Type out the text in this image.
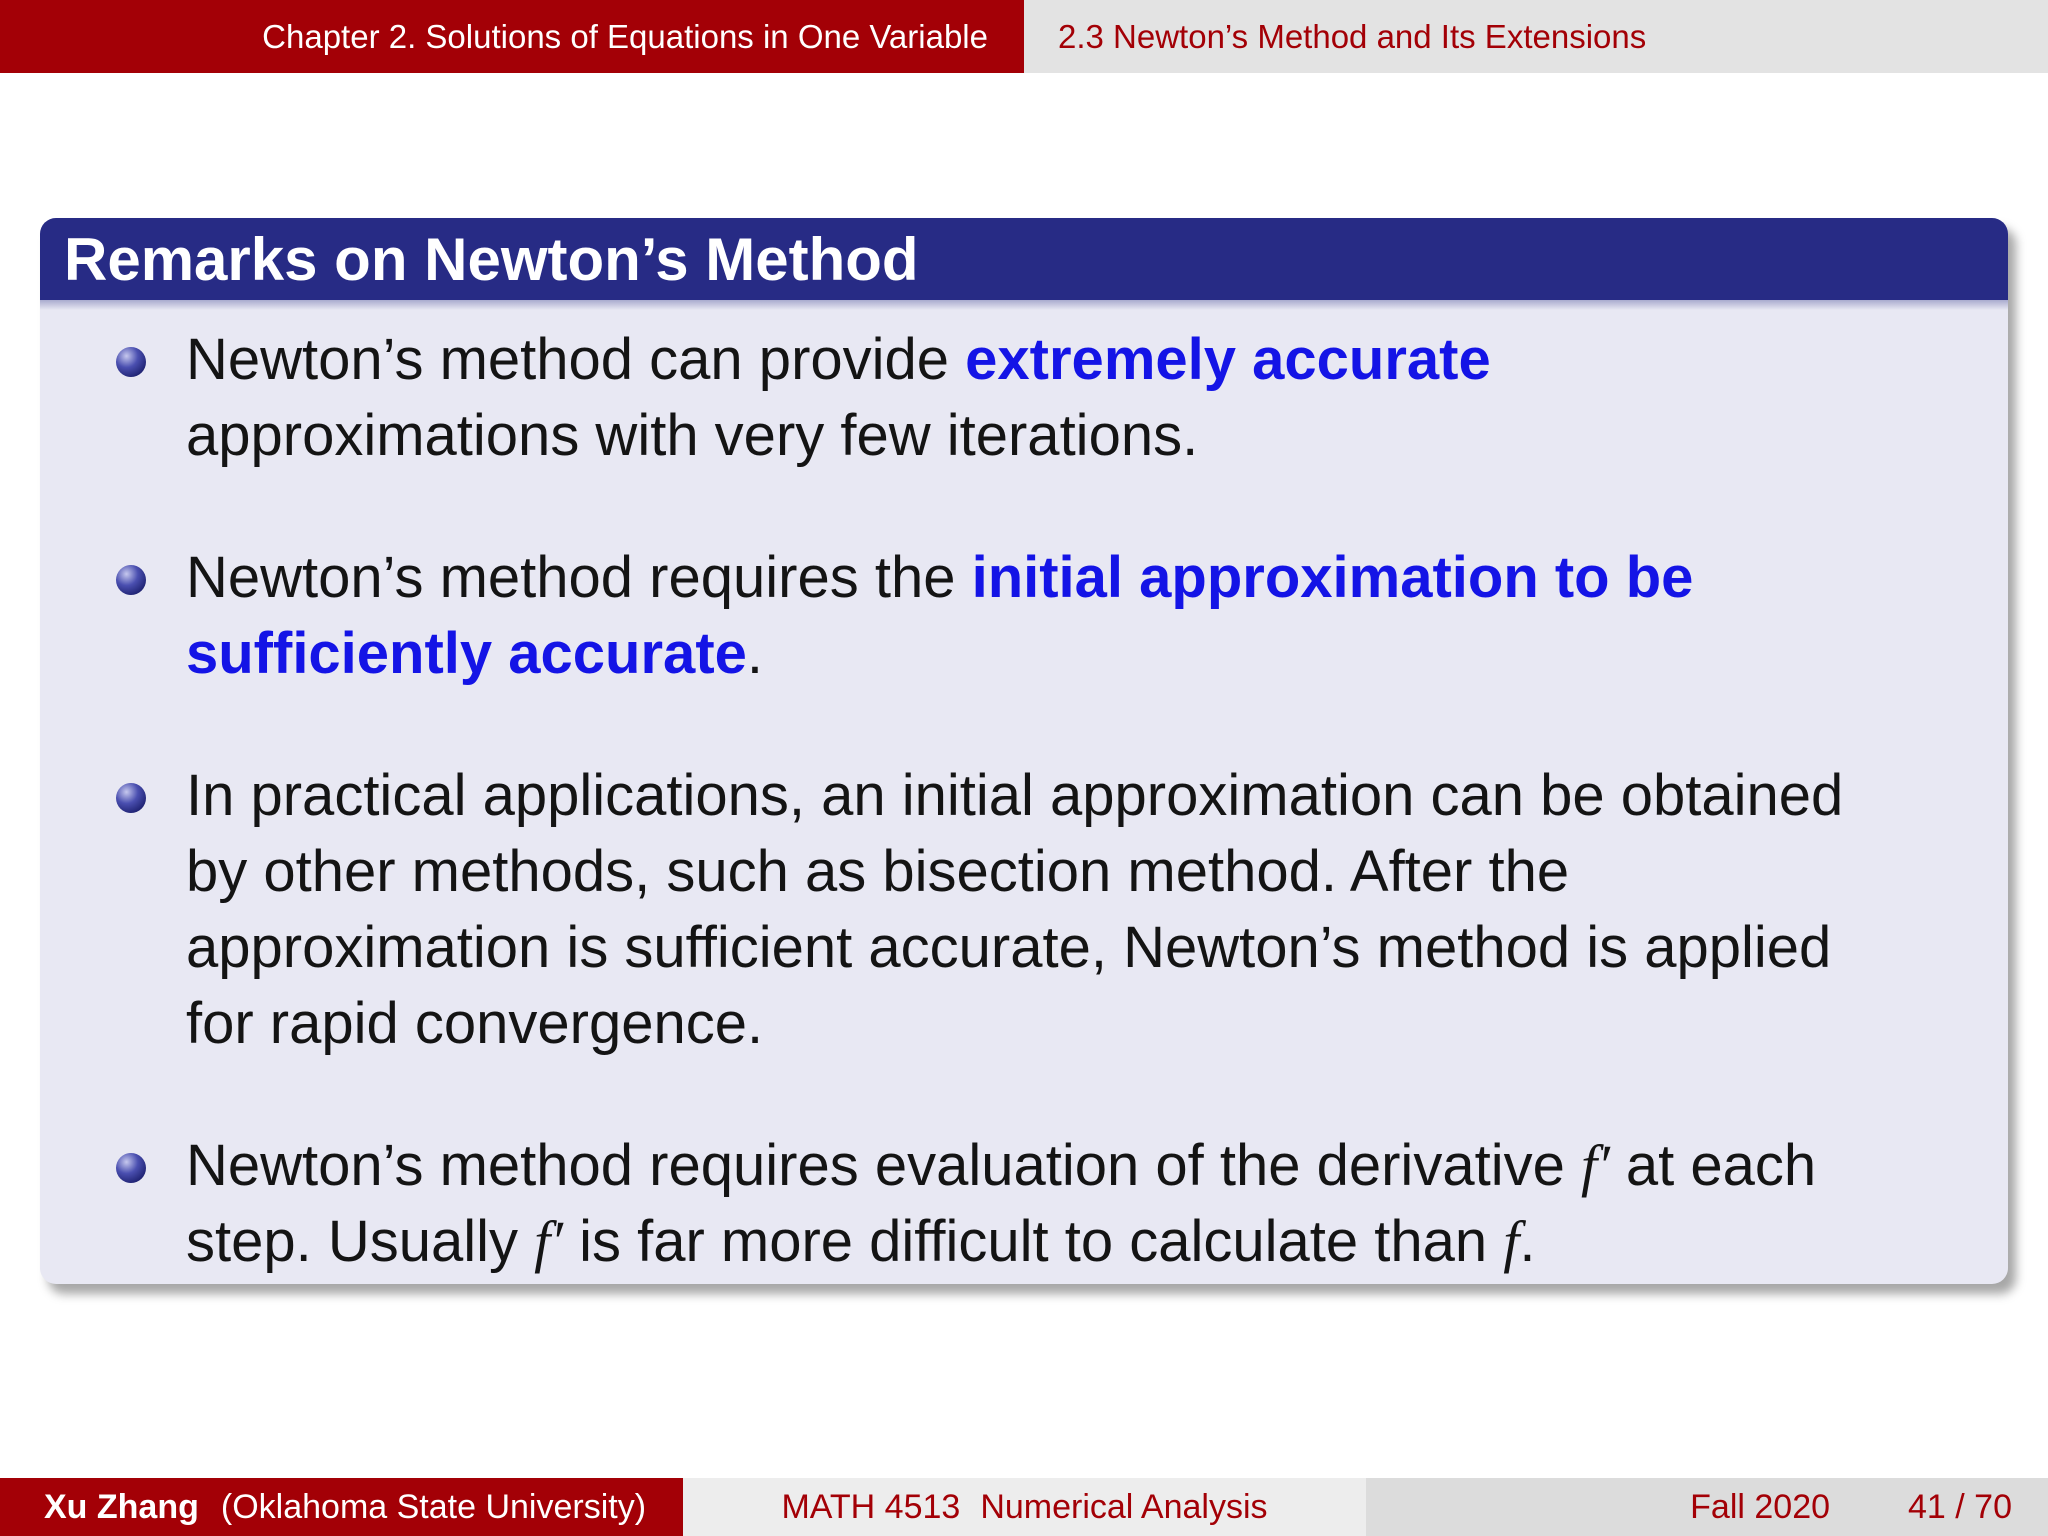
Chapter 2. Solutions of Equations in One Variable 2.3 Newton’s Method and Its Extensions
Remarks on Newton’s Method
Newton’s method can provide extremely accurate
approximations with very few iterations.
Newton’s method requires the initial approximation to be
sufficiently accurate.
In practical applications, an initial approximation can be obtained
by other methods, such as bisection method. After the
approximation is sufficient accurate, Newton’s method is applied
for rapid convergence.
Newton’s method requires evaluation of the derivative f′ at each
step. Usually f′ is far more difficult to calculate than f.
Xu Zhang (Oklahoma State University)	MATH 4513 Numerical Analysis	Fall 2020 41 / 70
